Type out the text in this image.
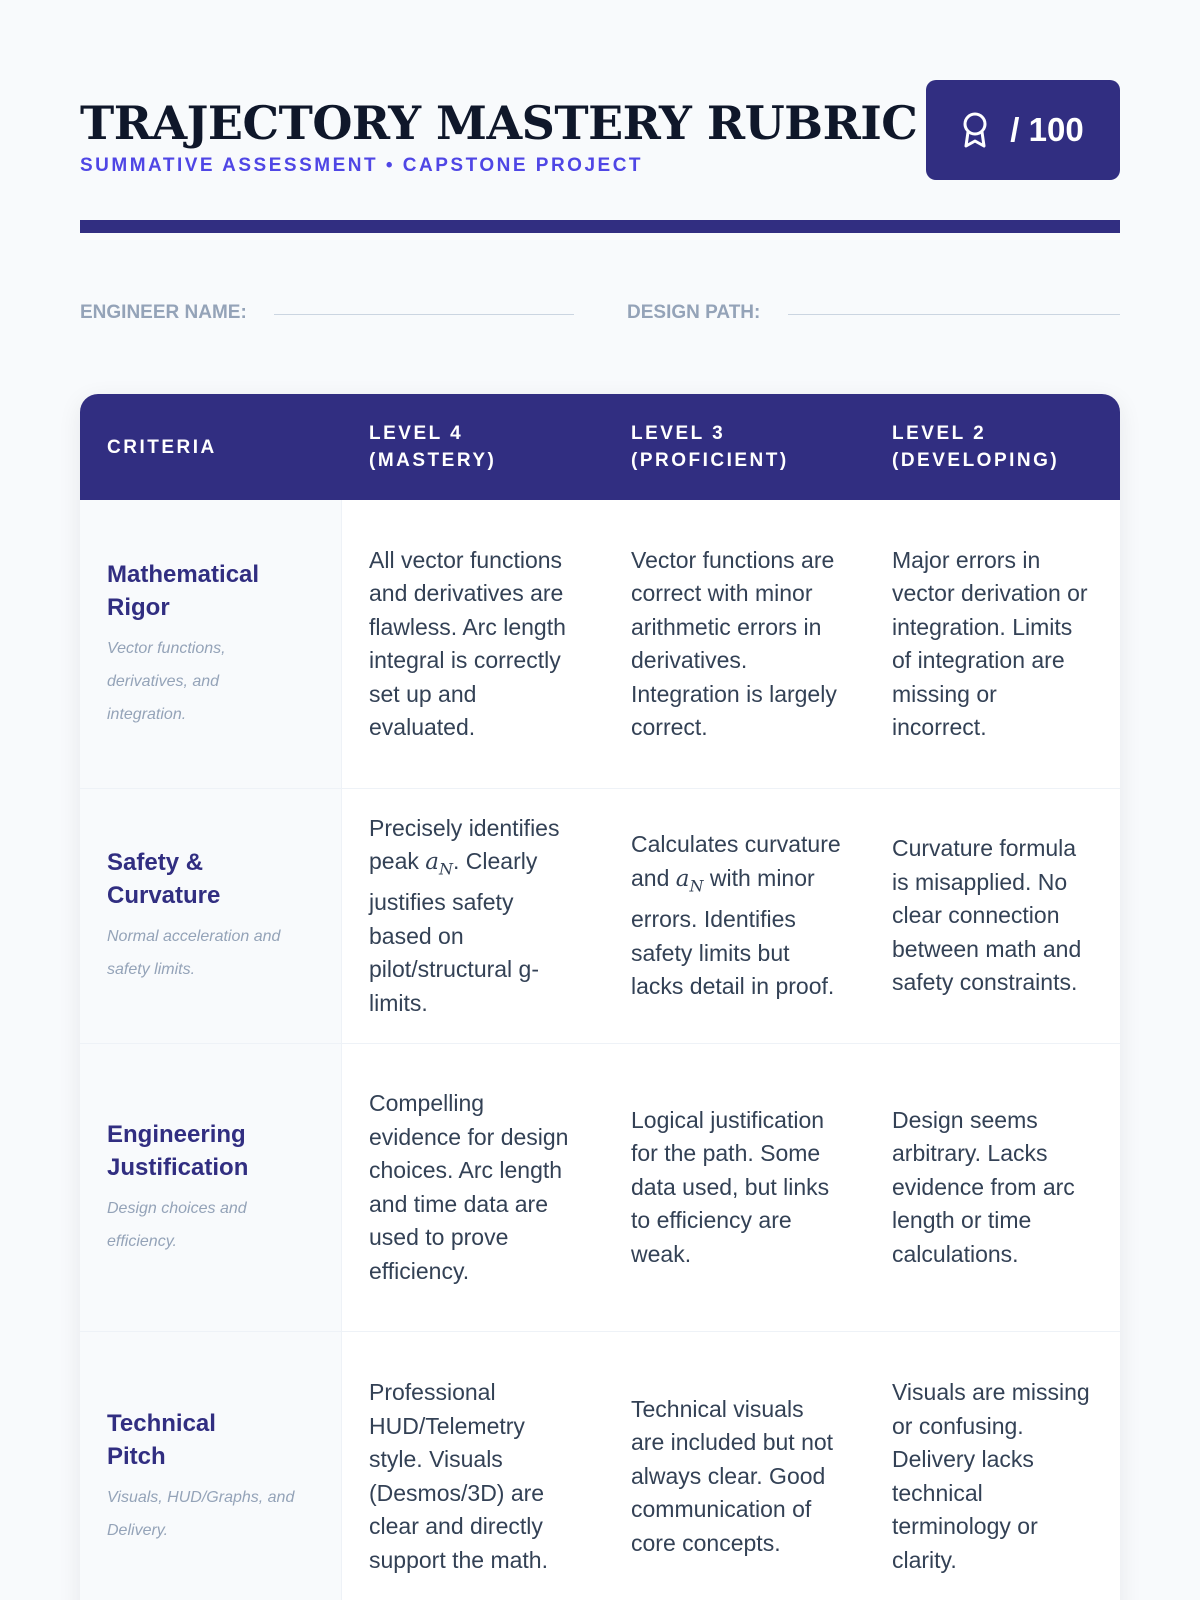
TRAJECTORY MASTERY RUBRIC
SUMMATIVE ASSESSMENT • CAPSTONE PROJECT
/ 100
ENGINEER NAME:	DESIGN PATH:
CRITERIA
LEVEL 4
(MASTERY)
LEVEL 3
(PROFICIENT)
LEVEL 2
(DEVELOPING)
Mathematical Rigor
Vector functions, derivatives, and integration.
All vector functions and derivatives are flawless. Arc length integral is correctly set up and evaluated.
Vector functions are correct with minor arithmetic errors in derivatives. Integration is largely correct.
Major errors in vector derivation or integration. Limits of integration are missing or incorrect.
Safety & Curvature
Normal acceleration and safety limits.
Precisely identifies peak $a_N$. Clearly justifies safety based on pilot/structural g-limits.
Calculates curvature and $a_N$ with minor errors. Identifies safety limits but lacks detail in proof.
Curvature formula is misapplied. No clear connection between math and safety constraints.
Engineering Justification
Design choices and efficiency.
Compelling evidence for design choices. Arc length and time data are used to prove efficiency.
Logical justification for the path. Some data used, but links to efficiency are weak.
Design seems arbitrary. Lacks evidence from arc length or time calculations.
Technical Pitch
Visuals, HUD/Graphs, and Delivery.
Professional HUD/Telemetry style. Visuals (Desmos/3D) are clear and directly support the math.
Technical visuals are included but not always clear. Good communication of core concepts.
Visuals are missing or confusing. Delivery lacks technical terminology or clarity.
